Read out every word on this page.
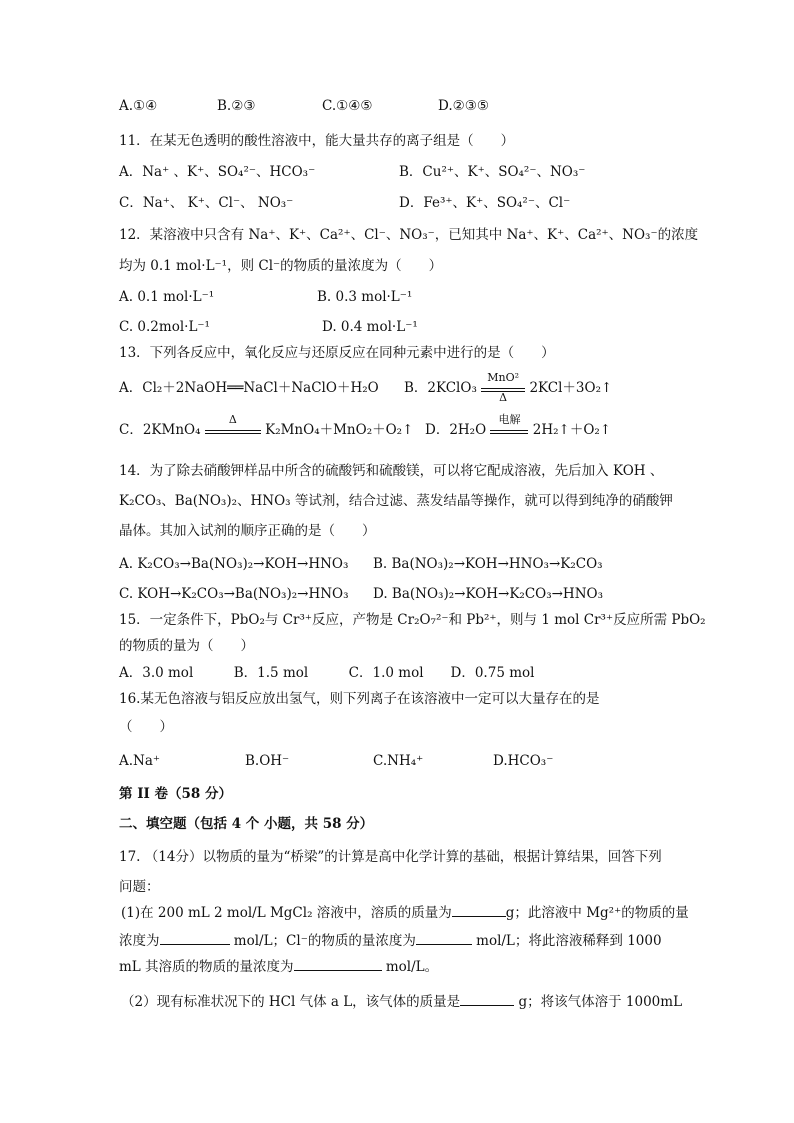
A.①④	B.②③	C.①④⑤	D.②③⑤
11．在某无色透明的酸性溶液中，能大量共存的离子组是（　　）
A．Na⁺ 、K⁺、SO₄²⁻、HCO₃⁻	B．Cu²⁺、K⁺、SO₄²⁻、NO₃⁻
C．Na⁺、 K⁺、Cl⁻、 NO₃⁻	D．Fe³⁺、K⁺、SO₄²⁻、Cl⁻
12．某溶液中只含有 Na⁺、K⁺、Ca²⁺、Cl⁻、NO₃⁻，已知其中 Na⁺、K⁺、Ca²⁺、NO₃⁻的浓度
均为 0.1 mol·L⁻¹，则 Cl⁻的物质的量浓度为（　　）
A. 0.1 mol·L⁻¹	B. 0.3 mol·L⁻¹
C. 0.2mol·L⁻¹	D. 0.4 mol·L⁻¹
13．下列各反应中，氧化反应与还原反应在同种元素中进行的是（　　）
A．Cl₂＋2NaOH══NaCl＋NaClO＋H₂O B．2KClO₃
MnO²
Δ
2KCl＋3O₂↑
C．2KMnO₄
Δ
K₂MnO₄＋MnO₂＋O₂↑ D．2H₂O
电解
2H₂↑＋O₂↑
14．为了除去硝酸钾样品中所含的硫酸钙和硫酸镁，可以将它配成溶液，先后加入 KOH 、
K₂CO₃、Ba(NO₃)₂、HNO₃ 等试剂，结合过滤、蒸发结晶等操作，就可以得到纯净的硝酸钾
晶体。其加入试剂的顺序正确的是（　　）
A. K₂CO₃→Ba(NO₃)₂→KOH→HNO₃ B. Ba(NO₃)₂→KOH→HNO₃→K₂CO₃
C. KOH→K₂CO₃→Ba(NO₃)₂→HNO₃ D. Ba(NO₃)₂→KOH→K₂CO₃→HNO₃
15．一定条件下，PbO₂与 Cr³⁺反应，产物是 Cr₂O₇²⁻和 Pb²⁺，则与 1 mol Cr³⁺反应所需 PbO₂
的物质的量为（　　）
A．3.0 mol　　　B．1.5 mol　　　C．1.0 mol　　D．0.75 mol
16.某无色溶液与铝反应放出氢气，则下列离子在该溶液中一定可以大量存在的是
（　　）
A.Na⁺	B.OH⁻	C.NH₄⁺	D.HCO₃⁻
第 II 卷（58 分）
二、填空题（包括 4 个 小题，共 58 分）
17. （14分）以物质的量为“桥梁”的计算是高中化学计算的基础，根据计算结果，回答下列
问题：
(1)在 200 mL 2 mol/L MgCl₂ 溶液中，溶质的质量为	g；此溶液中 Mg²⁺的物质的量
浓度为	mol/L；Cl⁻的物质的量浓度为	mol/L；将此溶液稀释到 1000
mL 其溶质的物质的量浓度为	mol/L。
（2）现有标准状况下的 HCl 气体 a L，该气体的质量是	g；将该气体溶于 1000mL
